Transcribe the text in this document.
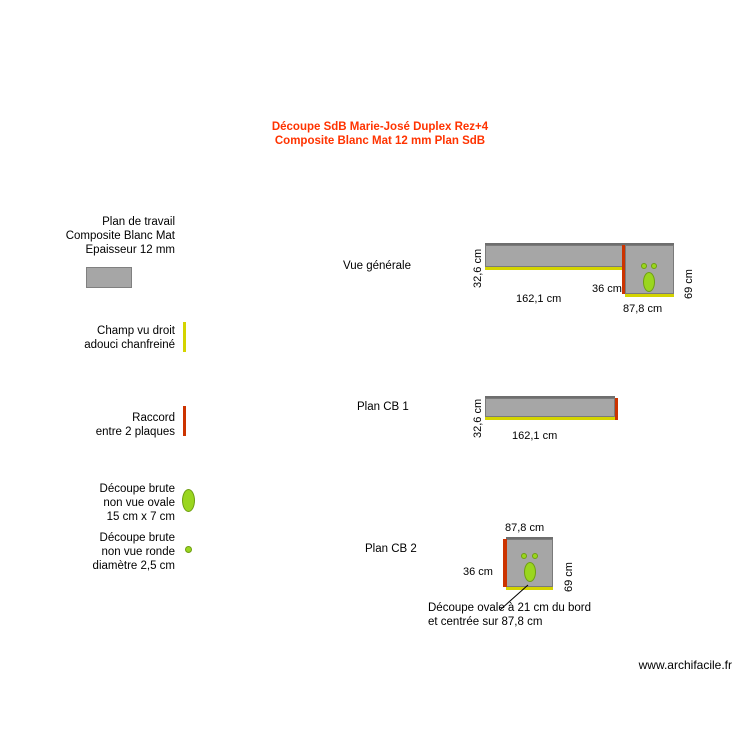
Découpe SdB Marie-José Duplex Rez+4
Composite Blanc Mat 12 mm Plan SdB
Plan de travail
Composite Blanc Mat
Epaisseur 12 mm
Champ vu droit
adouci chanfreiné
Raccord
entre 2 plaques
Découpe brute
non vue ovale
15 cm x 7 cm
Découpe brute
non vue ronde
diamètre 2,5 cm
Vue générale	32,6 cm	69 cm
162,1 cm
36 cm
87,8 cm
Plan CB 1	32,6 cm	162,1 cm
Plan CB 2
87,8 cm
69 cm
36 cm
Découpe ovale à 21 cm du bord
et centrée sur 87,8 cm
www.archifacile.fr
